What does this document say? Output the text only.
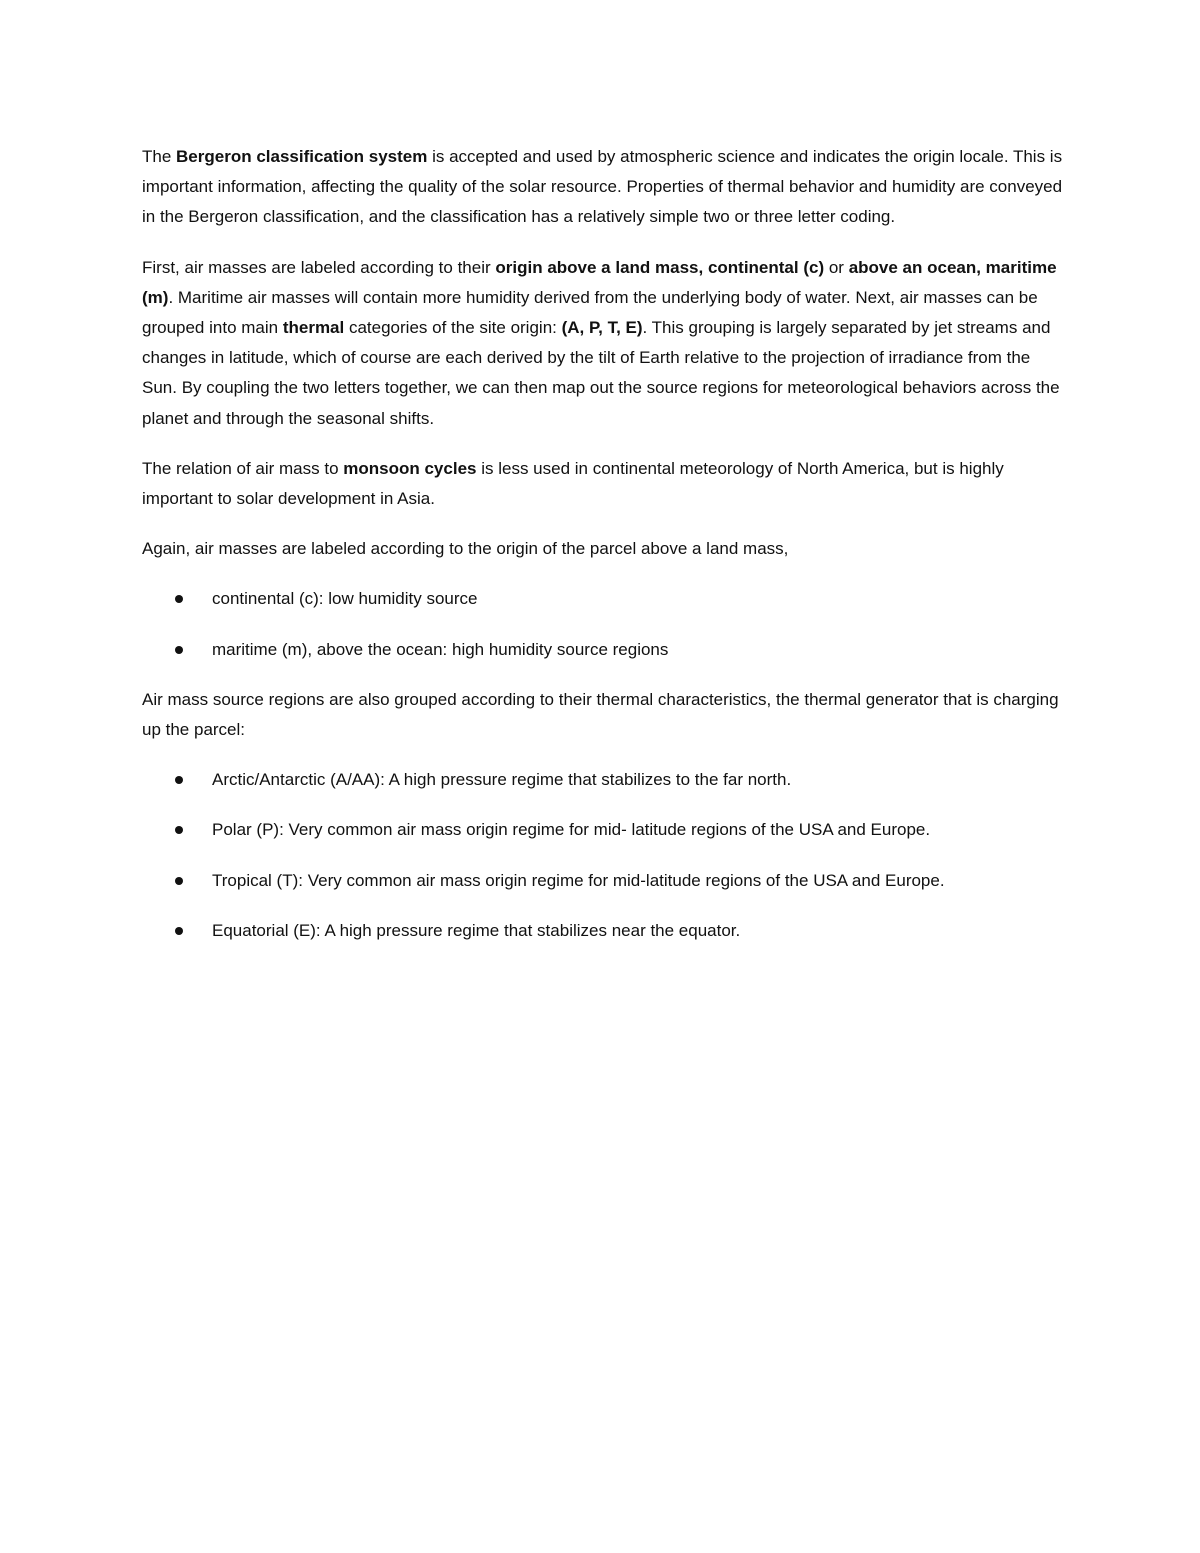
The Bergeron classification system is accepted and used by atmospheric science and indicates the origin locale. This is important information, affecting the quality of the solar resource. Properties of thermal behavior and humidity are conveyed in the Bergeron classification, and the classification has a relatively simple two or three letter coding.

First, air masses are labeled according to their origin above a land mass, continental (c) or above an ocean, maritime (m). Maritime air masses will contain more humidity derived from the underlying body of water. Next, air masses can be grouped into main thermal categories of the site origin: (A, P, T, E). This grouping is largely separated by jet streams and changes in latitude, which of course are each derived by the tilt of Earth relative to the projection of irradiance from the Sun. By coupling the two letters together, we can then map out the source regions for meteorological behaviors across the planet and through the seasonal shifts.

The relation of air mass to monsoon cycles is less used in continental meteorology of North America, but is highly important to solar development in Asia.

Again, air masses are labeled according to the origin of the parcel above a land mass,

continental (c): low humidity source
maritime (m), above the ocean: high humidity source regions

Air mass source regions are also grouped according to their thermal characteristics, the thermal generator that is charging up the parcel:

Arctic/Antarctic (A/AA): A high pressure regime that stabilizes to the far north.
Polar (P): Very common air mass origin regime for mid- latitude regions of the USA and Europe.
Tropical (T): Very common air mass origin regime for mid-latitude regions of the USA and Europe.
Equatorial (E): A high pressure regime that stabilizes near the equator.
